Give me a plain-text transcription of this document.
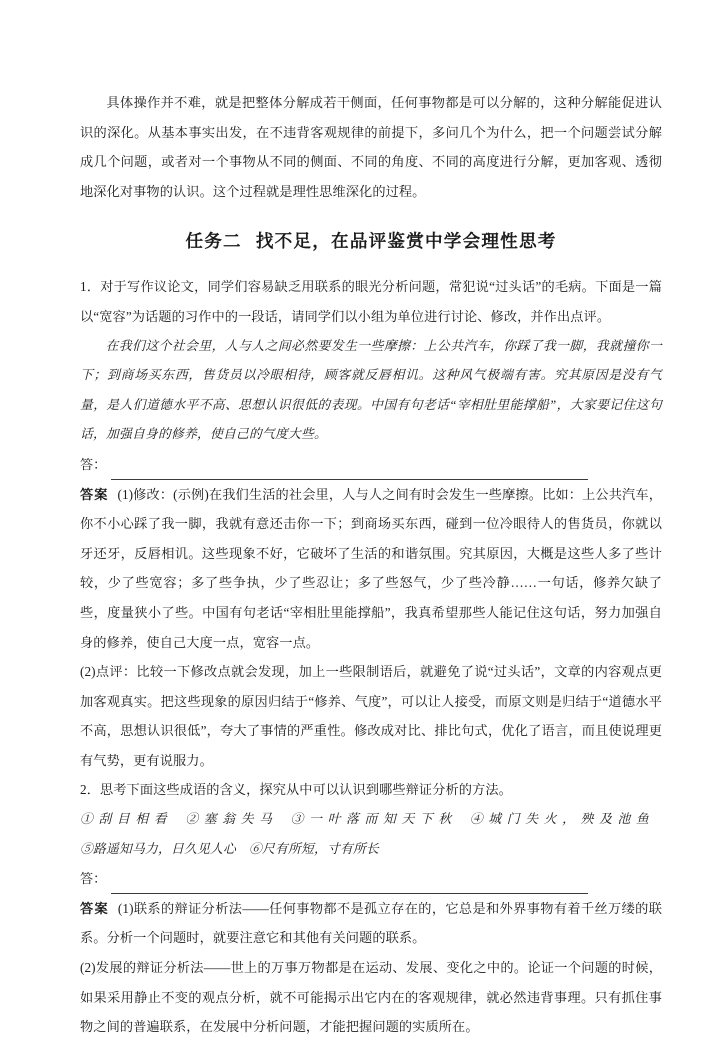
具体操作并不难，就是把整体分解成若干侧面，任何事物都是可以分解的，这种分解能促进认识的深化。从基本事实出发，在不违背客观规律的前提下，多问几个为什么，把一个问题尝试分解成几个问题，或者对一个事物从不同的侧面、不同的角度、不同的高度进行分解，更加客观、透彻地深化对事物的认识。这个过程就是理性思维深化的过程。

任务二 找不足，在品评鉴赏中学会理性思考

1．对于写作议论文，同学们容易缺乏用联系的眼光分析问题，常犯说“过头话”的毛病。下面是一篇以“宽容”为话题的习作中的一段话，请同学们以小组为单位进行讨论、修改，并作出点评。

在我们这个社会里，人与人之间必然要发生一些摩擦：上公共汽车，你踩了我一脚，我就撞你一下；到商场买东西，售货员以冷眼相待，顾客就反唇相讥。这种风气极端有害。究其原因是没有气量，是人们道德水平不高、思想认识很低的表现。中国有句老话“宰相肚里能撑船”，大家要记住这句话，加强自身的修养，使自己的气度大些。

答：

答案 (1)修改：(示例)在我们生活的社会里，人与人之间有时会发生一些摩擦。比如：上公共汽车，你不小心踩了我一脚，我就有意还击你一下；到商场买东西，碰到一位冷眼待人的售货员，你就以牙还牙，反唇相讥。这些现象不好，它破坏了生活的和谐氛围。究其原因，大概是这些人多了些计较，少了些宽容；多了些争执，少了些忍让；多了些怒气，少了些冷静……一句话，修养欠缺了些，度量狭小了些。中国有句老话“宰相肚里能撑船”，我真希望那些人能记住这句话，努力加强自身的修养，使自己大度一点，宽容一点。

(2)点评：比较一下修改点就会发现，加上一些限制语后，就避免了说“过头话”，文章的内容观点更加客观真实。把这些现象的原因归结于“修养、气度”，可以让人接受，而原文则是归结于“道德水平不高，思想认识很低”，夸大了事情的严重性。修改成对比、排比句式，优化了语言，而且使说理更有气势，更有说服力。

2．思考下面这些成语的含义，探究从中可以认识到哪些辩证分析的方法。

①刮目相看 ②塞翁失马 ③一叶落而知天下秋 ④城门失火，殃及池鱼⑤路遥知马力，日久见人心 ⑥尺有所短，寸有所长

答：

答案 (1)联系的辩证分析法——任何事物都不是孤立存在的，它总是和外界事物有着千丝万缕的联系。分析一个问题时，就要注意它和其他有关问题的联系。

(2)发展的辩证分析法——世上的万事万物都是在运动、发展、变化之中的。论证一个问题的时候，如果采用静止不变的观点分析，就不可能揭示出它内在的客观规律，就必然违背事理。只有抓住事物之间的普遍联系，在发展中分析问题，才能把握问题的实质所在。
